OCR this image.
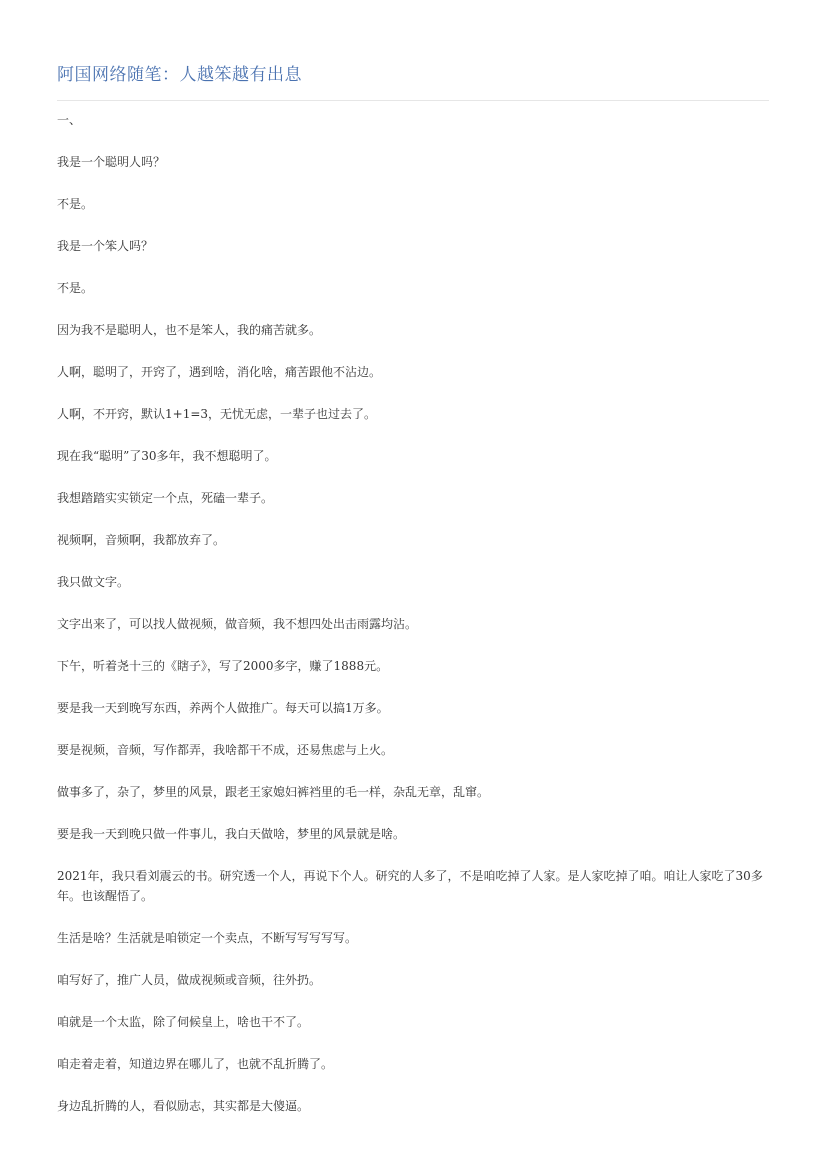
阿国网络随笔：人越笨越有出息

一、

我是一个聪明人吗？

不是。

我是一个笨人吗？

不是。

因为我不是聪明人，也不是笨人，我的痛苦就多。

人啊，聪明了，开窍了，遇到啥，消化啥，痛苦跟他不沾边。

人啊，不开窍，默认1+1=3，无忧无虑，一辈子也过去了。

现在我“聪明”了30多年，我不想聪明了。

我想踏踏实实锁定一个点，死磕一辈子。

视频啊，音频啊，我都放弃了。

我只做文字。

文字出来了，可以找人做视频，做音频，我不想四处出击雨露均沾。

下午，听着尧十三的《瞎子》，写了2000多字，赚了1888元。

要是我一天到晚写东西，养两个人做推广。每天可以搞1万多。

要是视频，音频，写作都弄，我啥都干不成，还易焦虑与上火。

做事多了，杂了，梦里的风景，跟老王家媳妇裤裆里的毛一样，杂乱无章，乱窜。

要是我一天到晚只做一件事儿，我白天做啥，梦里的风景就是啥。

2021年，我只看刘震云的书。研究透一个人，再说下个人。研究的人多了，不是咱吃掉了人家。是人家吃掉了咱。咱让人家吃了30多年。也该醒悟了。

生活是啥？生活就是咱锁定一个卖点，不断写写写写写。

咱写好了，推广人员，做成视频或音频，往外扔。

咱就是一个太监，除了伺候皇上，啥也干不了。

咱走着走着，知道边界在哪儿了，也就不乱折腾了。

身边乱折腾的人，看似励志，其实都是大傻逼。
